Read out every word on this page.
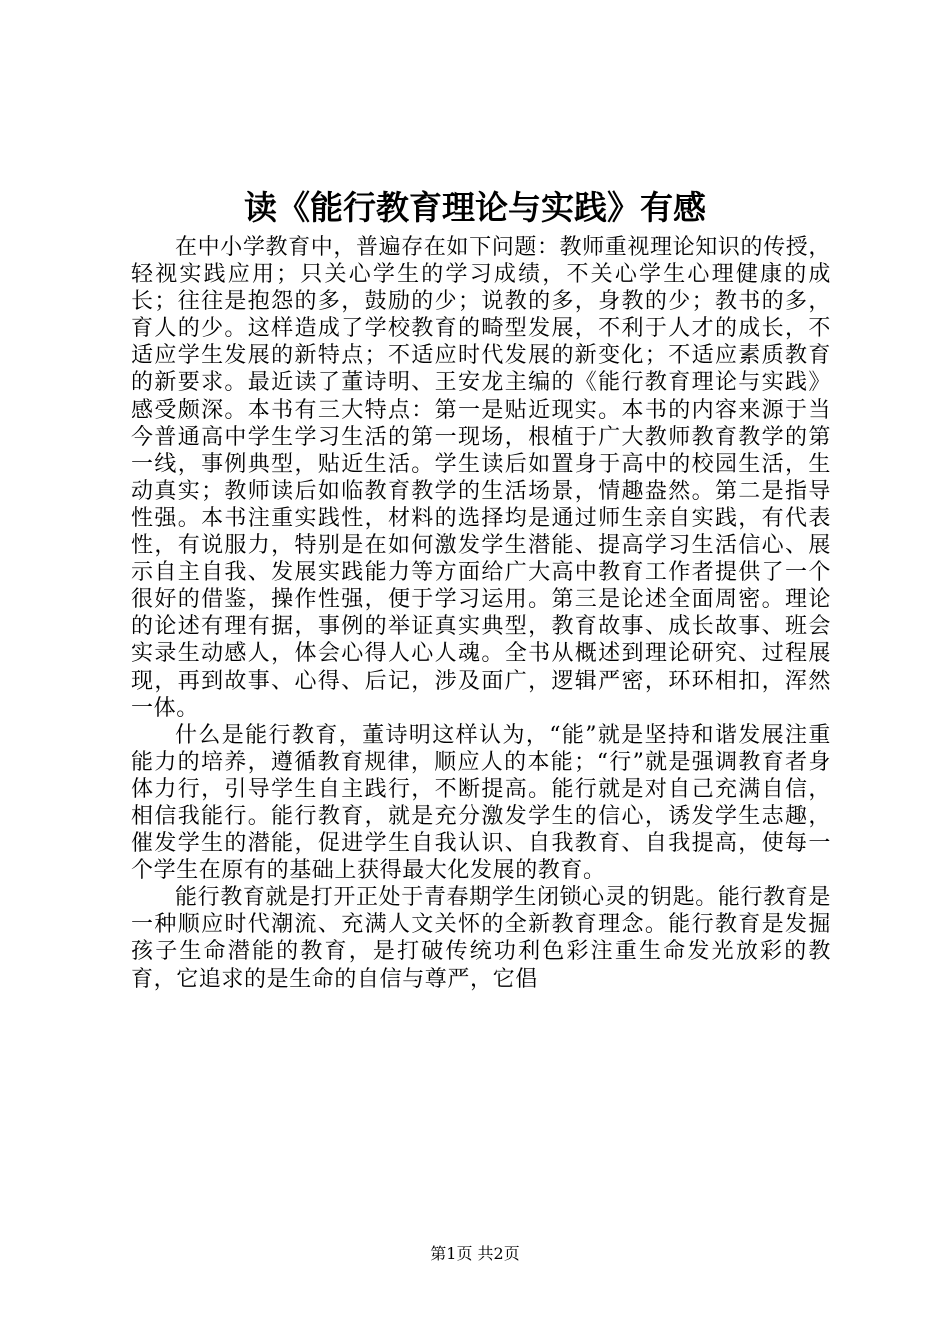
读《能行教育理论与实践》有感

在中小学教育中，普遍存在如下问题：教师重视理论知识的传授，轻视实践应用；只关心学生的学习成绩，不关心学生心理健康的成长；往往是抱怨的多，鼓励的少；说教的多，身教的少；教书的多，育人的少。这样造成了学校教育的畸型发展，不利于人才的成长，不适应学生发展的新特点；不适应时代发展的新变化；不适应素质教育的新要求。最近读了董诗明、王安龙主编的《能行教育理论与实践》感受颇深。本书有三大特点：第一是贴近现实。本书的内容来源于当今普通高中学生学习生活的第一现场，根植于广大教师教育教学的第一线，事例典型，贴近生活。学生读后如置身于高中的校园生活，生动真实；教师读后如临教育教学的生活场景，情趣盎然。第二是指导性强。本书注重实践性，材料的选择均是通过师生亲自实践，有代表性，有说服力，特别是在如何激发学生潜能、提高学习生活信心、展示自主自我、发展实践能力等方面给广大高中教育工作者提供了一个很好的借鉴，操作性强，便于学习运用。第三是论述全面周密。理论的论述有理有据，事例的举证真实典型，教育故事、成长故事、班会实录生动感人，体会心得人心人魂。全书从概述到理论研究、过程展现，再到故事、心得、后记，涉及面广，逻辑严密，环环相扣，浑然一体。

什么是能行教育，董诗明这样认为，“能”就是坚持和谐发展注重能力的培养，遵循教育规律，顺应人的本能；“行”就是强调教育者身体力行，引导学生自主践行，不断提高。能行就是对自己充满自信，相信我能行。能行教育，就是充分激发学生的信心，诱发学生志趣，催发学生的潜能，促进学生自我认识、自我教育、自我提高，使每一个学生在原有的基础上获得最大化发展的教育。

能行教育就是打开正处于青春期学生闭锁心灵的钥匙。能行教育是一种顺应时代潮流、充满人文关怀的全新教育理念。能行教育是发掘孩子生命潜能的教育，是打破传统功利色彩注重生命发光放彩的教育，它追求的是生命的自信与尊严，它倡

第1页 共2页
